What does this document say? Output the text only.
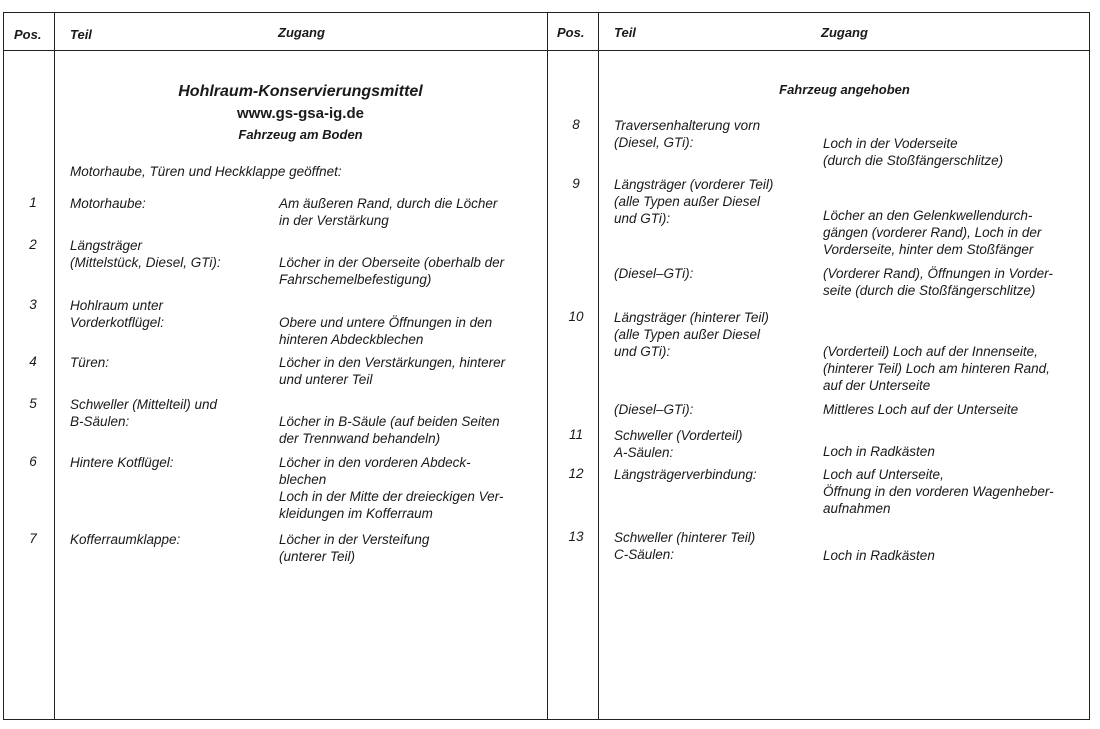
Pos. Teil	Zugang	Pos. Teil	Zugang
Hohlraum-Konservierungsmittel
www.gs-gsa-ig.de
Fahrzeug am Boden
Motorhaube, Türen und Heckklappe geöffnet:
Fahrzeug angehoben
1	Motorhaube:	Am äußeren Rand, durch die Löcher
in der Verstärkung
2	Längsträger
(Mittelstück, Diesel, GTi):	Löcher in der Oberseite (oberhalb der
Fahrschemelbefestigung)
3	Hohlraum unter
Vorderkotflügel:	Obere und untere Öffnungen in den
hinteren Abdeckblechen
4	Türen:	Löcher in den Verstärkungen, hinterer
und unterer Teil
5	Schweller (Mittelteil) und
B-Säulen:	Löcher in B-Säule (auf beiden Seiten
der Trennwand behandeln)
6	Hintere Kotflügel:	Löcher in den vorderen Abdeck-
blechen
Loch in der Mitte der dreieckigen Ver-
kleidungen im Kofferraum
7	Kofferraumklappe:	Löcher in der Versteifung
(unterer Teil)
8	Traversenhalterung vorn
(Diesel, GTi):	Loch in der Voderseite
(durch die Stoßfängerschlitze)
9	Längsträger (vorderer Teil)
(alle Typen außer Diesel
und GTi):	Löcher an den Gelenkwellendurch-
gängen (vorderer Rand), Loch in der
Vorderseite, hinter dem Stoßfänger
(Diesel–GTi):	(Vorderer Rand), Öffnungen in Vorder-
seite (durch die Stoßfängerschlitze)
10	Längsträger (hinterer Teil)
(alle Typen außer Diesel
und GTi):	(Vorderteil) Loch auf der Innenseite,
(hinterer Teil) Loch am hinteren Rand,
auf der Unterseite
(Diesel–GTi):	Mittleres Loch auf der Unterseite
11	Schweller (Vorderteil)
A-Säulen:	Loch in Radkästen
12	Längsträgerverbindung:	Loch auf Unterseite,
Öffnung in den vorderen Wagenheber-
aufnahmen
13	Schweller (hinterer Teil)
C-Säulen:	Loch in Radkästen
